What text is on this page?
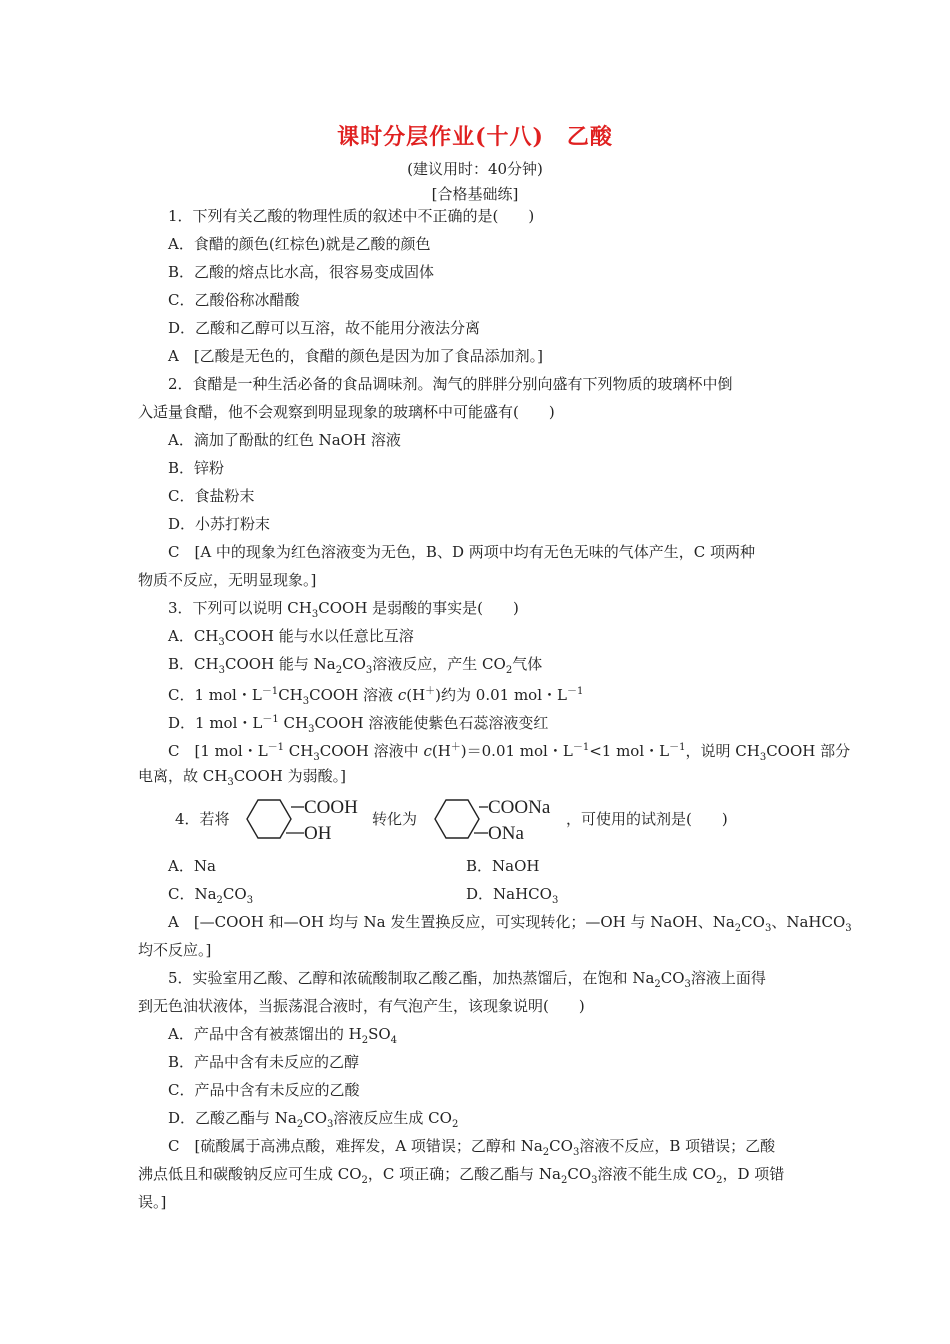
课时分层作业(十八)　乙酸
(建议用时：40分钟)
[合格基础练]
1．下列有关乙酸的物理性质的叙述中不正确的是(　　)
A．食醋的颜色(红棕色)就是乙酸的颜色
B．乙酸的熔点比水高，很容易变成固体
C．乙酸俗称冰醋酸
D．乙酸和乙醇可以互溶，故不能用分液法分离
A　[乙酸是无色的，食醋的颜色是因为加了食品添加剂。]
2．食醋是一种生活必备的食品调味剂。淘气的胖胖分别向盛有下列物质的玻璃杯中倒
入适量食醋，他不会观察到明显现象的玻璃杯中可能盛有(　　)
A．滴加了酚酞的红色 NaOH 溶液
B．锌粉
C．食盐粉末
D．小苏打粉末
C　[A 中的现象为红色溶液变为无色，B、D 两项中均有无色无味的气体产生，C 项两种
物质不反应，无明显现象。]
3．下列可以说明 $CH_3COOH$ 是弱酸的事实是(　　)
A．$CH_3COOH$ 能与水以任意比互溶
B．$CH_3COOH$ 能与 $Na_2CO_3$溶液反应，产生 $CO_2$气体
C．1 mol・$L^{-1}CH_3COOH$ 溶液 c(H＋)约为 0.01 mol・$L^{-1}$
D．1 mol・$L^{-1}$ $CH_3COOH$ 溶液能使紫色石蕊溶液变红
C　[1 mol・$L^{-1}$ $CH_3COOH$ 溶液中 c(H＋)＝0.01 mol・$L^{-1}<1$ mol・$L^{-1}$，说明 $CH_3COOH$ 部分
电离，故 $CH_3COOH$ 为弱酸。]
4．若将
COOH
OH
转化为
COONa
ONa
，可使用的试剂是(　　)
A．Na	B．NaOH
C．$Na_2CO_3$	D．NaHCO$_3$
A　[—COOH 和—OH 均与 Na 发生置换反应，可实现转化；—OH 与 NaOH、$Na_2CO_3$、NaHCO$_3$
均不反应。]
5．实验室用乙酸、乙醇和浓硫酸制取乙酸乙酯，加热蒸馏后，在饱和 $Na_2CO_3$溶液上面得
到无色油状液体，当振荡混合液时，有气泡产生，该现象说明(　　)
A．产品中含有被蒸馏出的 $H_2SO_4$
B．产品中含有未反应的乙醇
C．产品中含有未反应的乙酸
D．乙酸乙酯与 $Na_2CO_3$溶液反应生成 $CO_2$
C　[硫酸属于高沸点酸，难挥发，A 项错误；乙醇和 $Na_2CO_3$溶液不反应，B 项错误；乙酸
沸点低且和碳酸钠反应可生成 $CO_2$，C 项正确；乙酸乙酯与 $Na_2CO_3$溶液不能生成 $CO_2$，D 项错
误。]
